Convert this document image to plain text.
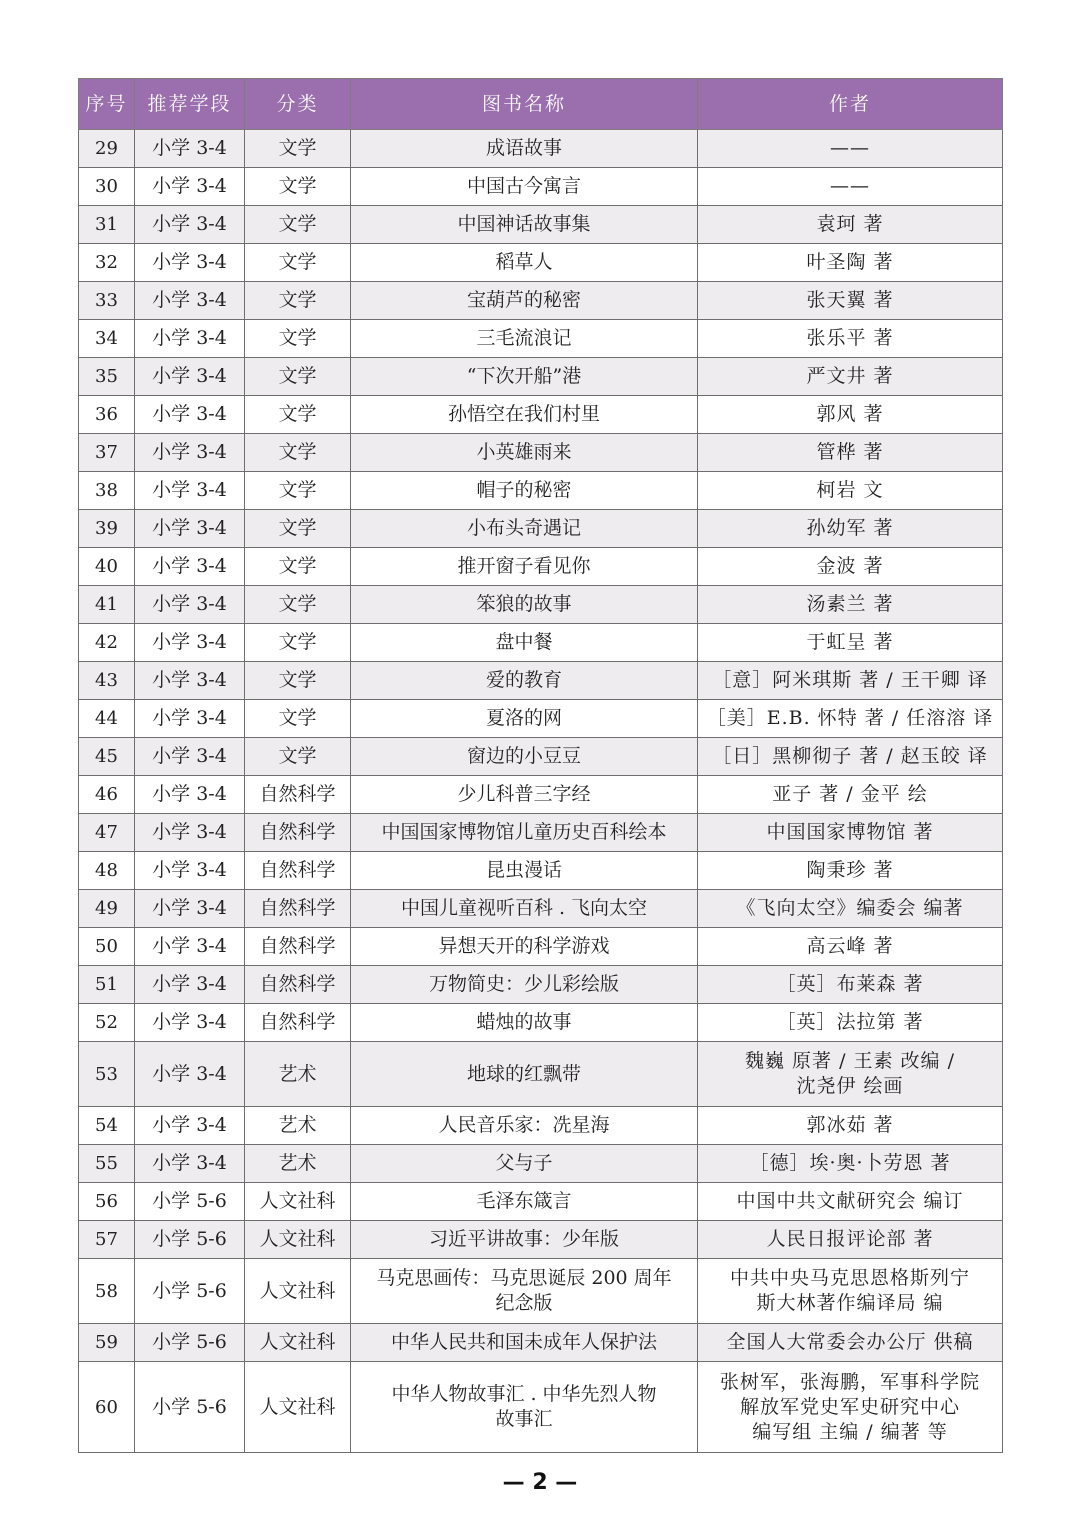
序号	推荐学段	分类	图书名称	作者
29	小学 3-4	文学	成语故事	——
30	小学 3-4	文学	中国古今寓言	——
31	小学 3-4	文学	中国神话故事集	袁珂 著
32	小学 3-4	文学	稻草人	叶圣陶 著
33	小学 3-4	文学	宝葫芦的秘密	张天翼 著
34	小学 3-4	文学	三毛流浪记	张乐平 著
35	小学 3-4	文学	“下次开船”港	严文井 著
36	小学 3-4	文学	孙悟空在我们村里	郭风 著
37	小学 3-4	文学	小英雄雨来	管桦 著
38	小学 3-4	文学	帽子的秘密	柯岩 文
39	小学 3-4	文学	小布头奇遇记	孙幼军 著
40	小学 3-4	文学	推开窗子看见你	金波 著
41	小学 3-4	文学	笨狼的故事	汤素兰 著
42	小学 3-4	文学	盘中餐	于虹呈 著
43	小学 3-4	文学	爱的教育	［意］阿米琪斯 著 / 王干卿 译
44	小学 3-4	文学	夏洛的网	［美］E.B. 怀特 著 / 任溶溶 译
45	小学 3-4	文学	窗边的小豆豆	［日］黑柳彻子 著 / 赵玉皎 译
46	小学 3-4	自然科学	少儿科普三字经	亚子 著 / 金平 绘
47	小学 3-4	自然科学	中国国家博物馆儿童历史百科绘本	中国国家博物馆 著
48	小学 3-4	自然科学	昆虫漫话	陶秉珍 著
49	小学 3-4	自然科学	中国儿童视听百科 . 飞向太空	《飞向太空》编委会 编著
50	小学 3-4	自然科学	异想天开的科学游戏	高云峰 著
51	小学 3-4	自然科学	万物简史：少儿彩绘版	［英］布莱森 著
52	小学 3-4	自然科学	蜡烛的故事	［英］法拉第 著
53	小学 3-4	艺术	地球的红飘带	魏巍 原著 / 王素 改编 /
沈尧伊 绘画
54	小学 3-4	艺术	人民音乐家：冼星海	郭冰茹 著
55	小学 3-4	艺术	父与子	［德］埃·奥·卜劳恩 著
56	小学 5-6	人文社科	毛泽东箴言	中国中共文献研究会 编订
57	小学 5-6	人文社科	习近平讲故事：少年版	人民日报评论部 著
58	小学 5-6	人文社科	马克思画传：马克思诞辰 200 周年
纪念版	中共中央马克思恩格斯列宁
斯大林著作编译局 编
59	小学 5-6	人文社科	中华人民共和国未成年人保护法	全国人大常委会办公厅 供稿
60	小学 5-6	人文社科	中华人物故事汇 . 中华先烈人物
故事汇	张树军，张海鹏，军事科学院
解放军党史军史研究中心
编写组 主编 / 编著 等
— 2 —
